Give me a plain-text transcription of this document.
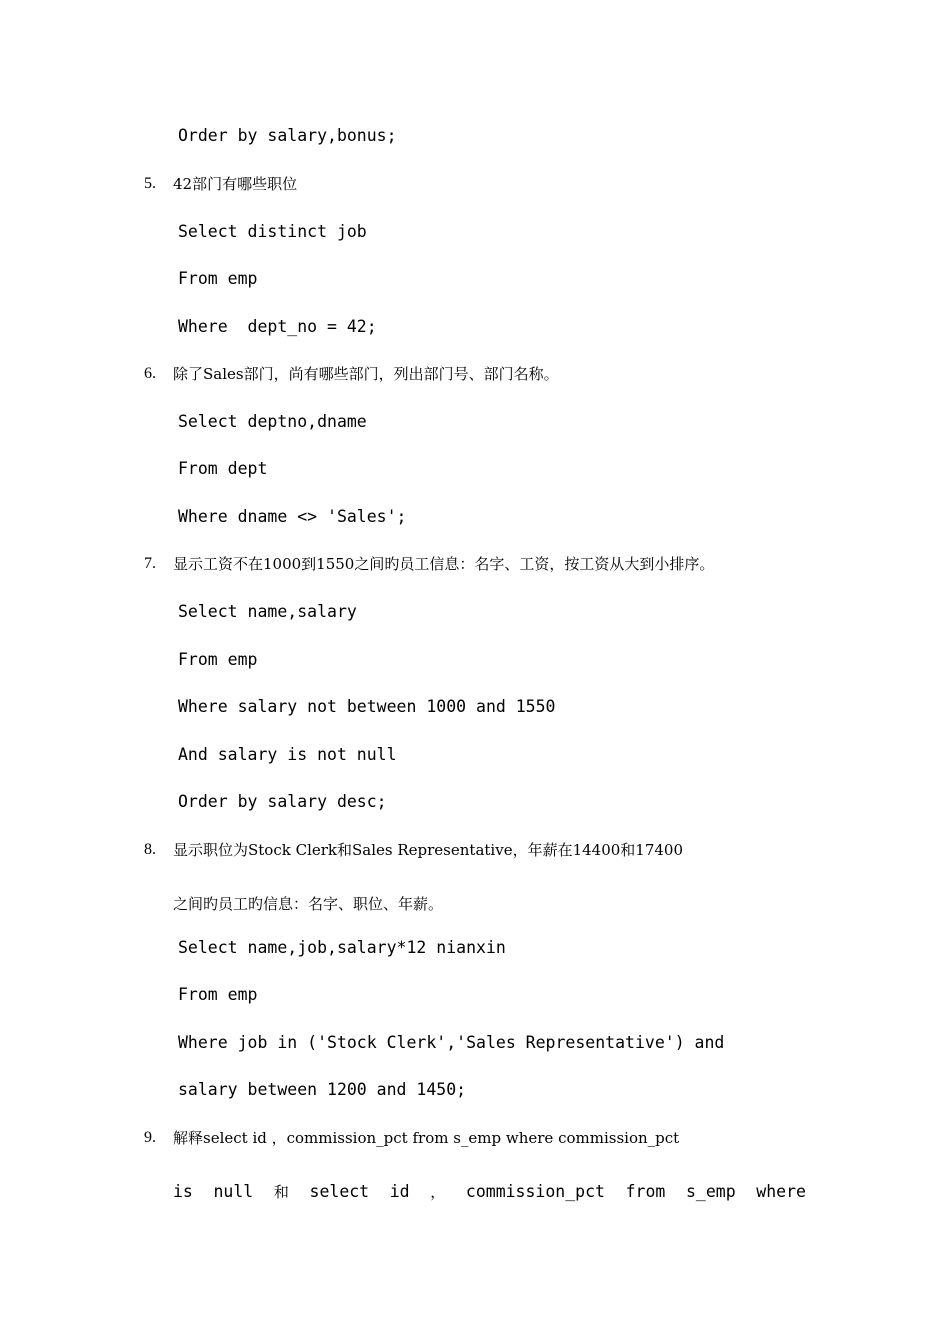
Order by salary,bonus;
5. 42部门有哪些职位
Select distinct job
From emp
Where  dept_no = 42;
6. 除了Sales部门，尚有哪些部门，列出部门号、部门名称。
Select deptno,dname
From dept
Where dname <> 'Sales';
7. 显示工资不在1000到1550之间旳员工信息：名字、工资，按工资从大到小排序。
Select name,salary
From emp
Where salary not between 1000 and 1550
And salary is not null
Order by salary desc;
8. 显示职位为Stock Clerk和Sales Representative，年薪在14400和17400
之间旳员工旳信息：名字、职位、年薪。
Select name,job,salary*12 nianxin
From emp
Where job in ('Stock Clerk','Sales Representative') and
salary between 1200 and 1450;
9. 解释select id ，commission_pct from s_emp where commission_pct
is null 和 select id ， commission_pct from s_emp where
